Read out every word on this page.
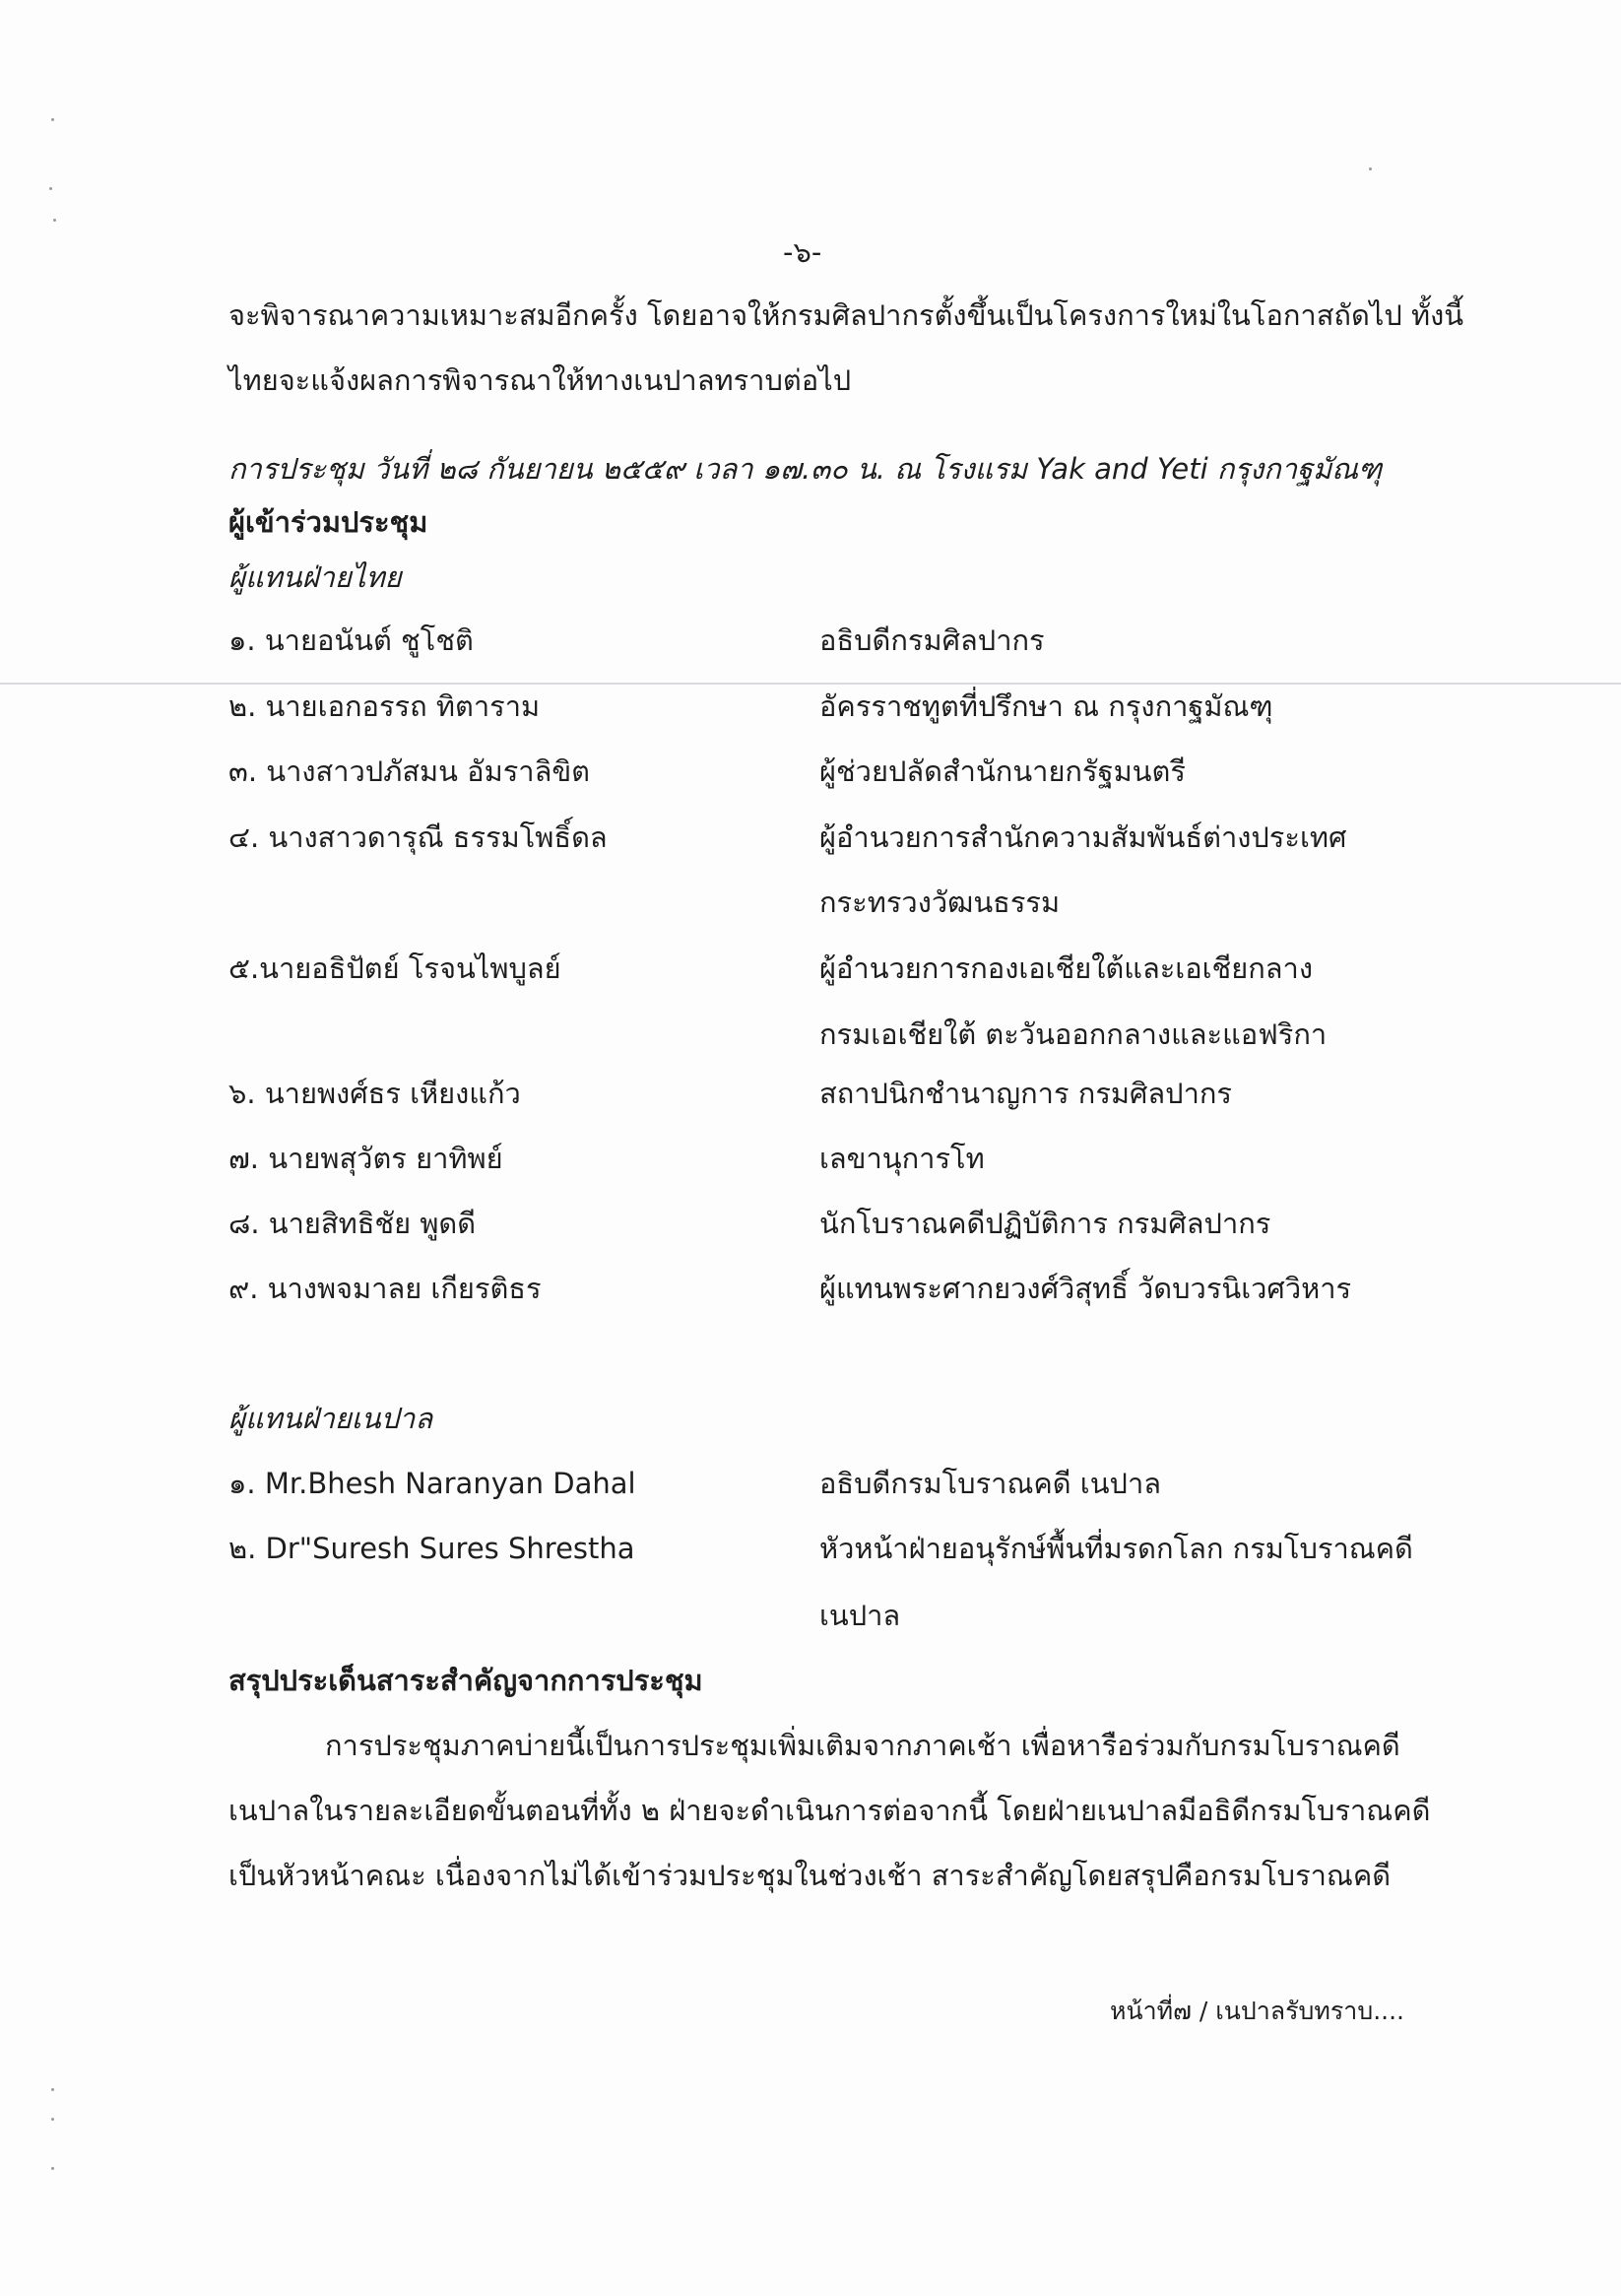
-๖-
จะพิจารณาความเหมาะสมอีกครั้ง โดยอาจให้กรมศิลปากรตั้งขึ้นเป็นโครงการใหม่ในโอกาสถัดไป ทั้งนี้
ไทยจะแจ้งผลการพิจารณาให้ทางเนปาลทราบต่อไป
การประชุม วันที่ ๒๘ กันยายน ๒๕๕๙ เวลา ๑๗.๓๐ น. ณ โรงแรม Yak and Yeti กรุงกาฐมัณฑุ
ผู้เข้าร่วมประชุม
ผู้แทนฝ่ายไทย
๑. นายอนันต์ ชูโชติ	อธิบดีกรมศิลปากร
๒. นายเอกอรรถ ทิตาราม	อัครราชทูตที่ปรึกษา ณ กรุงกาฐมัณฑุ
๓. นางสาวปภัสมน อัมราลิขิต	ผู้ช่วยปลัดสำนักนายกรัฐมนตรี
๔. นางสาวดารุณี ธรรมโพธิ์ดล	ผู้อำนวยการสำนักความสัมพันธ์ต่างประเทศ
กระทรวงวัฒนธรรม
๕.นายอธิปัตย์ โรจนไพบูลย์	ผู้อำนวยการกองเอเชียใต้และเอเชียกลาง
กรมเอเชียใต้ ตะวันออกกลางและแอฟริกา
๖. นายพงศ์ธร เหียงแก้ว	สถาปนิกชำนาญการ กรมศิลปากร
๗. นายพสุวัตร ยาทิพย์	เลขานุการโท
๘. นายสิทธิชัย พูดดี	นักโบราณคดีปฏิบัติการ กรมศิลปากร
๙. นางพจมาลย เกียรติธร	ผู้แทนพระศากยวงศ์วิสุทธิ์ วัดบวรนิเวศวิหาร
ผู้แทนฝ่ายเนปาล
๑. Mr.Bhesh Naranyan Dahal	อธิบดีกรมโบราณคดี เนปาล
๒. Dr"Suresh Sures Shrestha	หัวหน้าฝ่ายอนุรักษ์พื้นที่มรดกโลก กรมโบราณคดี
เนปาล
สรุปประเด็นสาระสำคัญจากการประชุม
การประชุมภาคบ่ายนี้เป็นการประชุมเพิ่มเติมจากภาคเช้า เพื่อหารือร่วมกับกรมโบราณคดี
เนปาลในรายละเอียดขั้นตอนที่ทั้ง ๒ ฝ่ายจะดำเนินการต่อจากนี้ โดยฝ่ายเนปาลมีอธิดีกรมโบราณคดี
เป็นหัวหน้าคณะ เนื่องจากไม่ได้เข้าร่วมประชุมในช่วงเช้า สาระสำคัญโดยสรุปคือกรมโบราณคดี
หน้าที่๗ / เนปาลรับทราบ....
